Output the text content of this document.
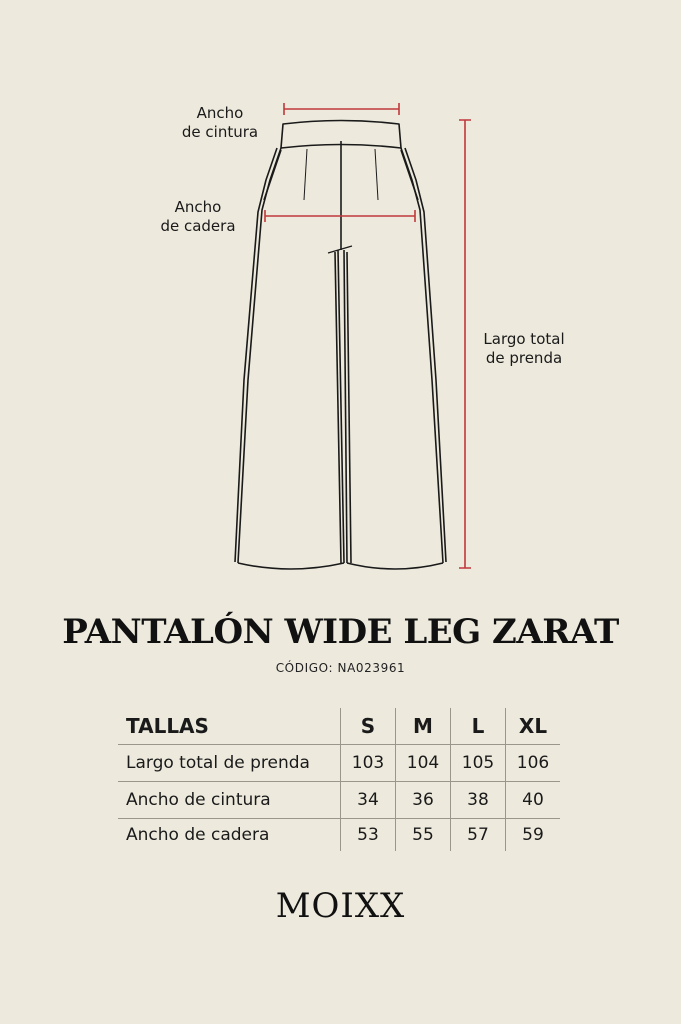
Ancho
de cintura
Ancho
de cadera
Largo total
de prenda
PANTALÓN WIDE LEG ZARAT
CÓDIGO: NA023961
TALLAS	S	M	L	XL
Largo total de prenda	103	104	105	106
Ancho de cintura	34	36	38	40
Ancho de cadera	53	55	57	59
MOIXX
